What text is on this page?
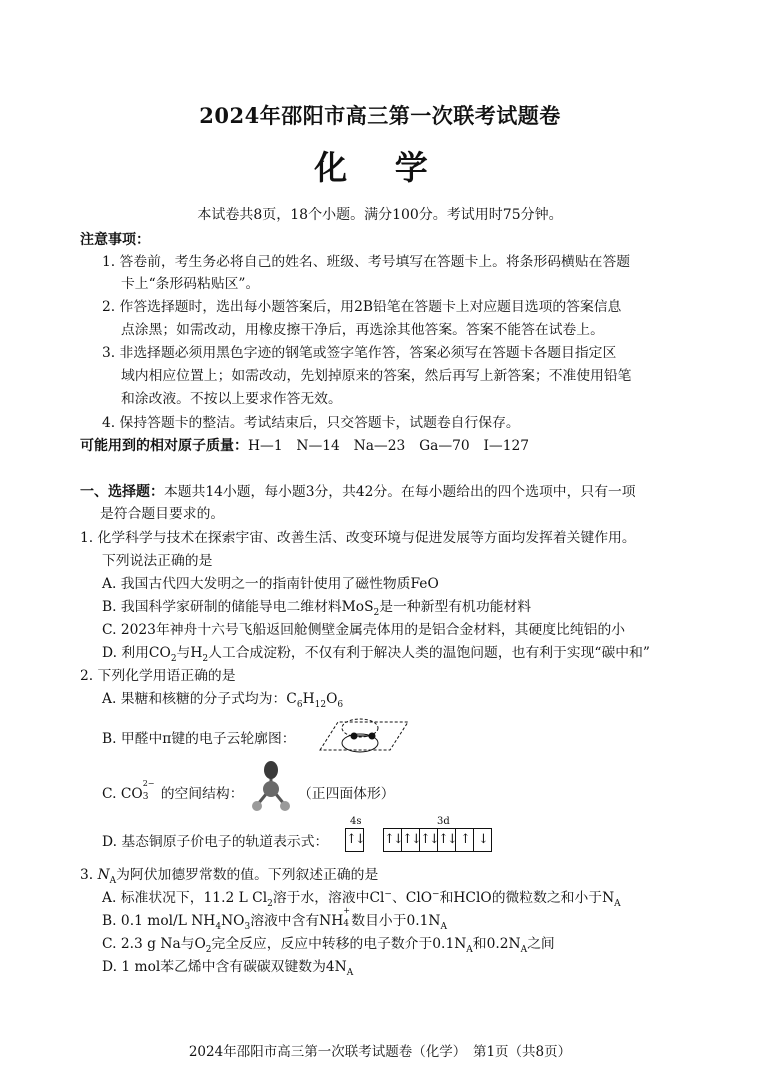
2024年邵阳市高三第一次联考试题卷
化 学
本试卷共8页，18个小题。满分100分。考试用时75分钟。
注意事项：
1. 答卷前，考生务必将自己的姓名、班级、考号填写在答题卡上。将条形码横贴在答题
卡上“条形码粘贴区”。
2. 作答选择题时，选出每小题答案后，用2B铅笔在答题卡上对应题目选项的答案信息
点涂黑；如需改动，用橡皮擦干净后，再选涂其他答案。答案不能答在试卷上。
3. 非选择题必须用黑色字迹的钢笔或签字笔作答，答案必须写在答题卡各题目指定区
域内相应位置上；如需改动，先划掉原来的答案，然后再写上新答案；不准使用铅笔
和涂改液。不按以上要求作答无效。
4. 保持答题卡的整洁。考试结束后，只交答题卡，试题卷自行保存。
可能用到的相对原子质量：H—1　N—14　Na—23　Ga—70　I—127
一、选择题：本题共14小题，每小题3分，共42分。在每小题给出的四个选项中，只有一项
是符合题目要求的。
1. 化学科学与技术在探索宇宙、改善生活、改变环境与促进发展等方面均发挥着关键作用。
下列说法正确的是
A. 我国古代四大发明之一的指南针使用了磁性物质FeO
B. 我国科学家研制的储能导电二维材料MoS$_2$是一种新型有机功能材料
C. 2023年神舟十六号飞船返回舱侧壁金属壳体用的是铝合金材料，其硬度比纯铝的小
D. 利用$CO_2$与$H_2$人工合成淀粉，不仅有利于解决人类的温饱问题，也有利于实现“碳中和”
2. 下列化学用语正确的是
A. 果糖和核糖的分子式均为：$C_6H_{12}O_6$
B. 甲醛中π键的电子云轮廓图：
C. CO
2−
3 的空间结构：	（正四面体形）
D. 基态铜原子价电子的轨道表示式：
4s	3d
↑↓ ↑↓ ↑↓ ↑↓ ↑↓ ↑ ↓
3. $N_A$为阿伏加德罗常数的值。下列叙述正确的是
A. 标准状况下，11.2 L $Cl_2$溶于水，溶液中Cl−、ClO−和HClO的微粒数之和小于$N_A$
B. 0.1 mol/L $NH_4NO_3$溶液中含有NH
+
4 数目小于$0.1N_A$
C. 2.3 g Na与$O_2$完全反应，反应中转移的电子数介于$0.1N_A$和$0.2N_A$之间
D. 1 mol苯乙烯中含有碳碳双键数为$4N_A$
2024年邵阳市高三第一次联考试题卷（化学）　第1页（共8页）
